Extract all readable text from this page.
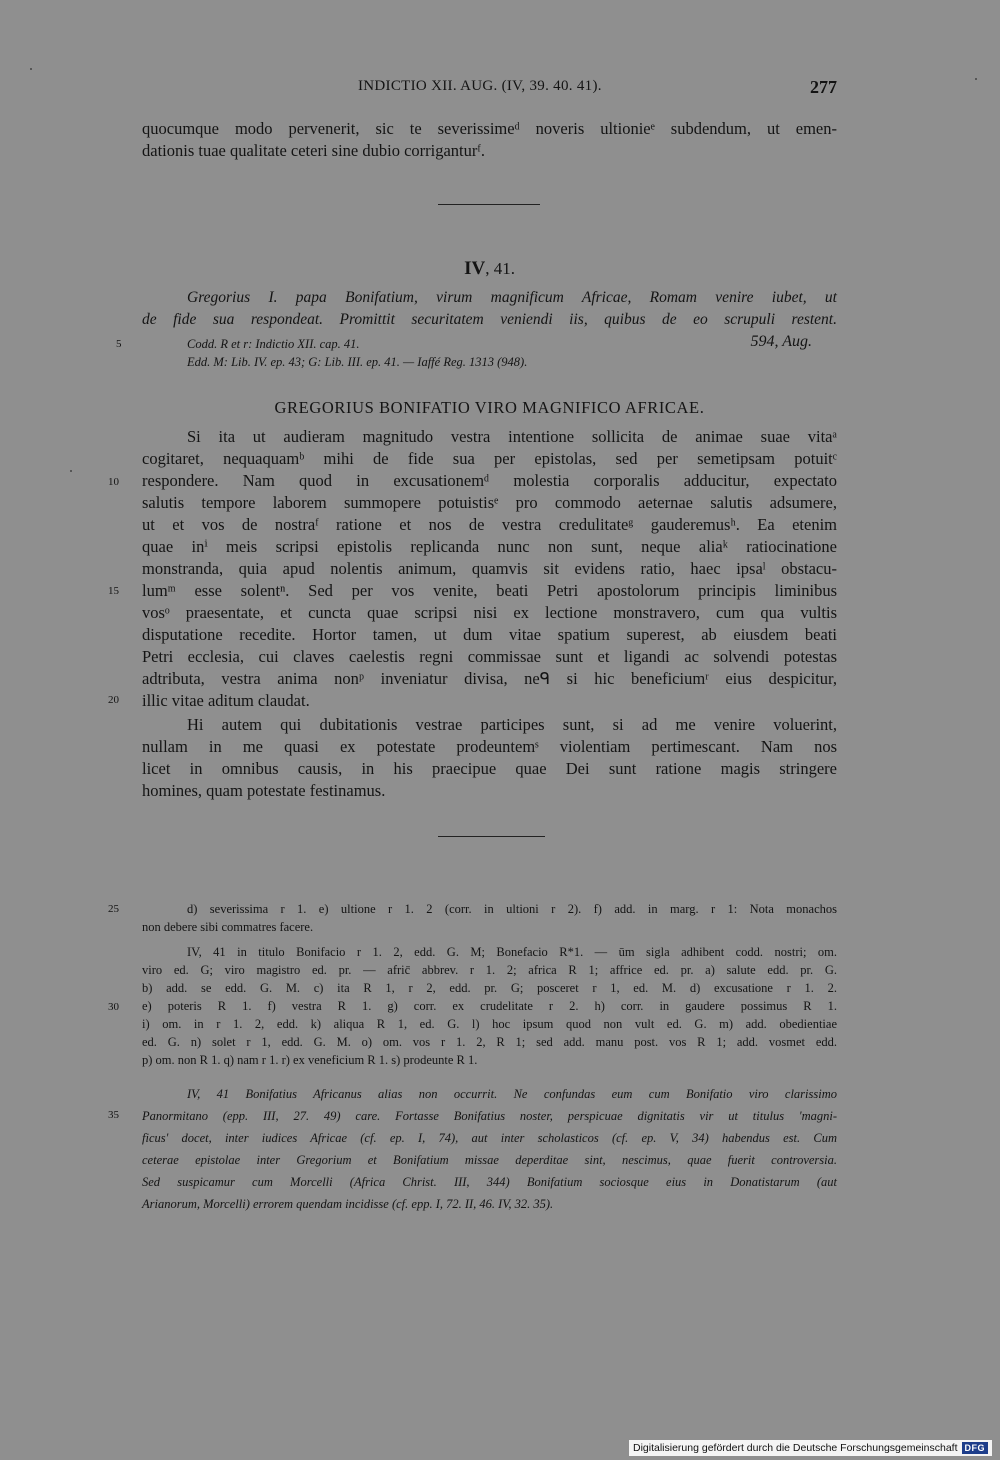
INDICTIO XII. AUG. (IV, 39. 40. 41).	277
quocumque modo pervenerit, sic te severissimeᵈ noveris ultionieᵉ subdendum, ut emen-
dationis tuae qualitate ceteri sine dubio corriganturᶠ.
IV, 41.
Gregorius I. papa Bonifatium, virum magnificum Africae, Romam venire iubet, ut
de fide sua respondeat. Promittit securitatem veniendi iis, quibus de eo scrupuli restent.
Codd. R et r: Indictio XII. cap. 41.	594, Aug.
Edd. M: Lib. IV. ep. 43; G: Lib. III. ep. 41. — Iaffé Reg. 1313 (948).
GREGORIUS BONIFATIO VIRO MAGNIFICO AFRICAE.
Si ita ut audieram magnitudo vestra intentione sollicita de animae suae vitaᵃ
cogitaret, nequaquamᵇ mihi de fide sua per epistolas, sed per semetipsam potuitᶜ
respondere. Nam quod in excusationemᵈ molestia corporalis adducitur, expectato
salutis tempore laborem summopere potuistisᵉ pro commodo aeternae salutis adsumere,
ut et vos de nostraᶠ ratione et nos de vestra credulitateᵍ gauderemusʰ. Ea etenim
quae inⁱ meis scripsi epistolis replicanda nunc non sunt, neque aliaᵏ ratiocinatione
monstranda, quia apud nolentis animum, quamvis sit evidens ratio, haec ipsaˡ obstacu-
lumᵐ esse solentⁿ. Sed per vos venite, beati Petri apostolorum principis liminibus
vosᵒ praesentate, et cuncta quae scripsi nisi ex lectione monstravero, cum qua vultis
disputatione recedite. Hortor tamen, ut dum vitae spatium superest, ab eiusdem beati
Petri ecclesia, cui claves caelestis regni commissae sunt et ligandi ac solvendi potestas
adtributa, vestra anima nonᵖ inveniatur divisa, neᑫ si hic beneficiumʳ eius despicitur,
illic vitae aditum claudat.
Hi autem qui dubitationis vestrae participes sunt, si ad me venire voluerint,
nullam in me quasi ex potestate prodeuntemˢ violentiam pertimescant. Nam nos
licet in omnibus causis, in his praecipue quae Dei sunt ratione magis stringere
homines, quam potestate festinamus.
5
10
15
20
25
30
35
d) severissima r 1. e) ultione r 1. 2 (corr. in ultioni r 2). f) add. in marg. r 1: Nota monachos
non debere sibi commatres facere.
IV, 41 in titulo Bonifacio r 1. 2, edd. G. M; Bonefacio R*1. — ūm sigla adhibent codd. nostri; om.
viro ed. G; viro magistro ed. pr. — afric̄ abbrev. r 1. 2; africa R 1; affrice ed. pr. a) salute edd. pr. G.
b) add. se edd. G. M. c) ita R 1, r 2, edd. pr. G; posceret r 1, ed. M. d) excusatione r 1. 2.
e) poteris R 1. f) vestra R 1. g) corr. ex crudelitate r 2. h) corr. in gaudere possimus R 1.
i) om. in r 1. 2, edd. k) aliqua R 1, ed. G. l) hoc ipsum quod non vult ed. G. m) add. obedientiae
ed. G. n) solet r 1, edd. G. M. o) om. vos r 1. 2, R 1; sed add. manu post. vos R 1; add. vosmet edd.
p) om. non R 1. q) nam r 1. r) ex veneficium R 1. s) prodeunte R 1.
IV, 41 Bonifatius Africanus alias non occurrit. Ne confundas eum cum Bonifatio viro clarissimo
Panormitano (epp. III, 27. 49) care. Fortasse Bonifatius noster, perspicuae dignitatis vir ut titulus 'magni-
ficus' docet, inter iudices Africae (cf. ep. I, 74), aut inter scholasticos (cf. ep. V, 34) habendus est. Cum
ceterae epistolae inter Gregorium et Bonifatium missae deperditae sint, nescimus, quae fuerit controversia.
Sed suspicamur cum Morcelli (Africa Christ. III, 344) Bonifatium sociosque eius in Donatistarum (aut
Arianorum, Morcelli) errorem quendam incidisse (cf. epp. I, 72. II, 46. IV, 32. 35).
Digitalisierung gefördert durch die Deutsche Forschungsgemeinschaft DFG
